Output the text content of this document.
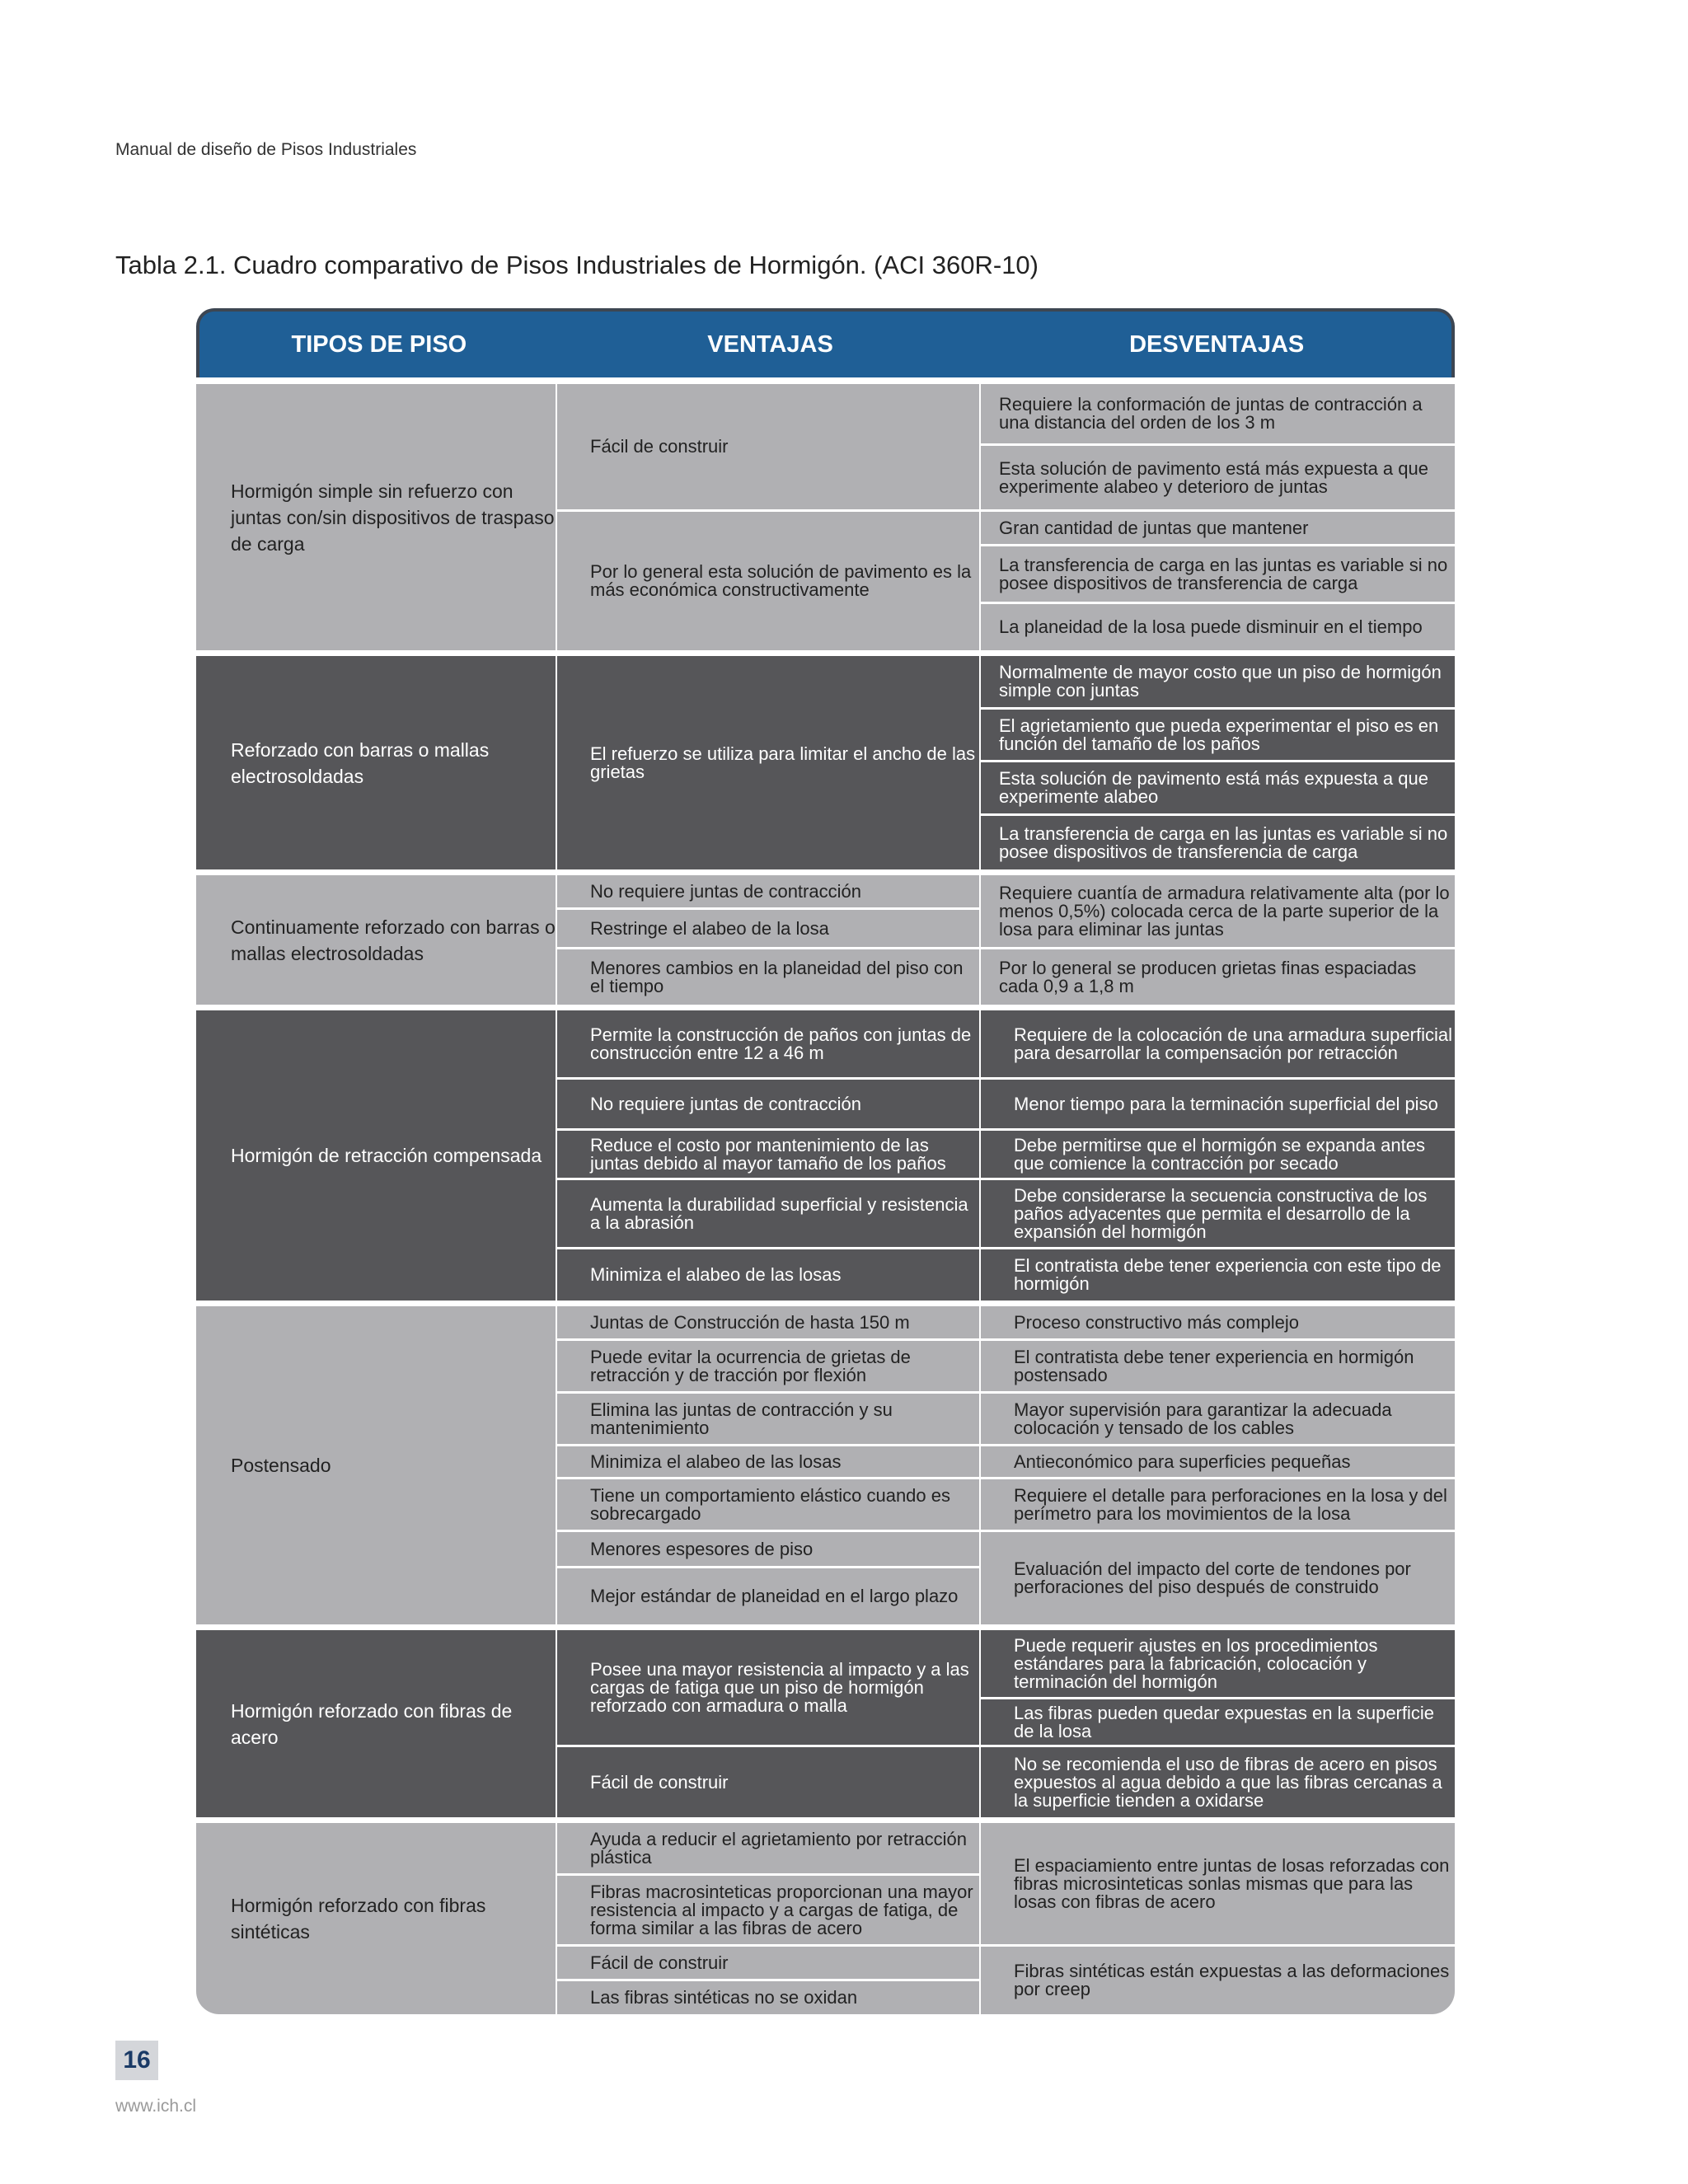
Manual de diseño de Pisos Industriales
Tabla 2.1. Cuadro comparativo de Pisos Industriales de Hormigón. (ACI 360R-10)
TIPOS DE PISO	VENTAJAS	DESVENTAJAS
Hormigón simple sin refuerzo con juntas con/sin dispositivos de traspaso de carga
Fácil de construir
Por lo general esta solución de pavimento es la más económica constructivamente
Requiere la conformación de juntas de contracción a una distancia del orden de los 3 m
Esta solución de pavimento está más expuesta a que experimente alabeo y deterioro de juntas
Gran cantidad de juntas que mantener
La transferencia de carga en las juntas es variable si no posee dispositivos de transferencia de carga
La planeidad de la losa puede disminuir en el tiempo
Reforzado con barras o mallas electrosoldadas
El refuerzo se utiliza para limitar el ancho de las grietas
Normalmente de mayor costo que un piso de hormigón simple con juntas
El agrietamiento que pueda experimentar el piso es en función del tamaño de los paños
Esta solución de pavimento está más expuesta a que experimente alabeo
La transferencia de carga en las juntas es variable si no posee dispositivos de transferencia de carga
Continuamente reforzado con barras o mallas electrosoldadas
No requiere juntas de contracción
Restringe el alabeo de la losa
Menores cambios en la planeidad del piso con el tiempo
Requiere cuantía de armadura relativamente alta (por lo menos 0,5%) colocada cerca de la parte superior de la losa para eliminar las juntas
Por lo general se producen grietas finas espaciadas cada 0,9 a 1,8 m
Hormigón de retracción compensada
Permite la construcción de paños con juntas de construcción entre 12 a 46 m
No requiere juntas de contracción
Reduce el costo por mantenimiento de las juntas debido al mayor tamaño de los paños
Aumenta la durabilidad superficial y resistencia a la abrasión
Minimiza el alabeo de las losas
Requiere de la colocación de una armadura superficial para desarrollar la compensación por retracción
Menor tiempo para la terminación superficial del piso
Debe permitirse que el hormigón se expanda antes que comience la contracción por secado
Debe considerarse la secuencia constructiva de los paños adyacentes que permita el desarrollo de la expansión del hormigón
El contratista debe tener experiencia con este tipo de hormigón
Postensado
Juntas de Construcción de hasta 150 m
Puede evitar la ocurrencia de grietas de retracción y de tracción por flexión
Elimina las juntas de contracción y su mantenimiento
Minimiza el alabeo de las losas
Tiene un comportamiento elástico cuando es sobrecargado
Menores espesores de piso
Mejor estándar de planeidad en el largo plazo
Proceso constructivo más complejo
El contratista debe tener experiencia en hormigón postensado
Mayor supervisión para garantizar la adecuada colocación y tensado de los cables
Antieconómico para superficies pequeñas
Requiere el detalle para perforaciones en la losa y del perímetro para los movimientos de la losa
Evaluación del impacto del corte de tendones por perforaciones del piso después de construido
Hormigón reforzado con fibras de acero
Posee una mayor resistencia al impacto y a las cargas de fatiga que un piso de hormigón reforzado con armadura o malla
Fácil de construir
Puede requerir ajustes en los procedimientos estándares para la fabricación, colocación y terminación del hormigón
Las fibras pueden quedar expuestas en la superficie de la losa
No se recomienda el uso de fibras de acero en pisos expuestos al agua debido a que las fibras cercanas a la superficie tienden a oxidarse
Hormigón reforzado con fibras sintéticas
Ayuda a reducir el agrietamiento por retracción plástica
Fibras macrosinteticas proporcionan una mayor resistencia al impacto y a cargas de fatiga, de forma similar a las fibras de acero
Fácil de construir
Las fibras sintéticas no se oxidan
El espaciamiento entre juntas de losas reforzadas con fibras microsinteticas sonlas mismas que para las losas con fibras de acero
Fibras sintéticas están expuestas a las deformaciones por creep
16
www.ich.cl
